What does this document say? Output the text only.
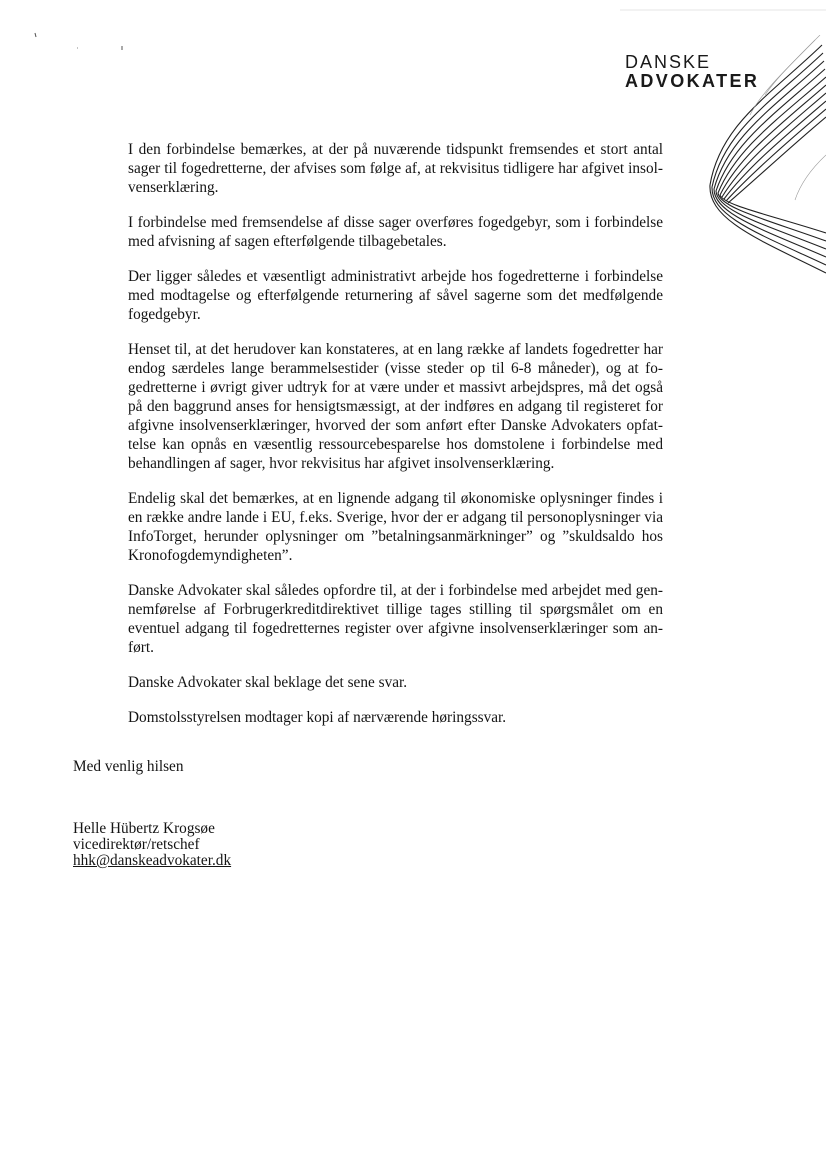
DANSKE
ADVOKATER

I den forbindelse bemærkes, at der på nuværende tidspunkt fremsendes et stort antal sager til fogedretterne, der afvises som følge af, at rekvisitus tidligere har afgivet insolvenserklæring.

I forbindelse med fremsendelse af disse sager overføres fogedgebyr, som i forbindelse med afvisning af sagen efterfølgende tilbagebetales.

Der ligger således et væsentligt administrativt arbejde hos fogedretterne i forbindelse med modtagelse og efterfølgende returnering af såvel sagerne som det medfølgende fogedgebyr.

Henset til, at det herudover kan konstateres, at en lang række af landets fogedretter har endog særdeles lange berammelsestider (visse steder op til 6-8 måneder), og at fogedretterne i øvrigt giver udtryk for at være under et massivt arbejdspres, må det også på den baggrund anses for hensigtsmæssigt, at der indføres en adgang til registeret for afgivne insolvenserklæringer, hvorved der som anført efter Danske Advokaters opfattelse kan opnås en væsentlig ressourcebesparelse hos domstolene i forbindelse med behandlingen af sager, hvor rekvisitus har afgivet insolvenserklæring.

Endelig skal det bemærkes, at en lignende adgang til økonomiske oplysninger findes i en række andre lande i EU, f.eks. Sverige, hvor der er adgang til personoplysninger via InfoTorget, herunder oplysninger om ”betalningsanmärkninger” og ”skuldsaldo hos Kronofogdemyndigheten”.

Danske Advokater skal således opfordre til, at der i forbindelse med arbejdet med gennemførelse af Forbrugerkreditdirektivet tillige tages stilling til spørgsmålet om en eventuel adgang til fogedretternes register over afgivne insolvenserklæringer som anført.

Danske Advokater skal beklage det sene svar.

Domstolsstyrelsen modtager kopi af nærværende høringssvar.

Med venlig hilsen
Helle Hübertz Krogsøe
vicedirektør/retschef
hhk@danskeadvokater.dk
